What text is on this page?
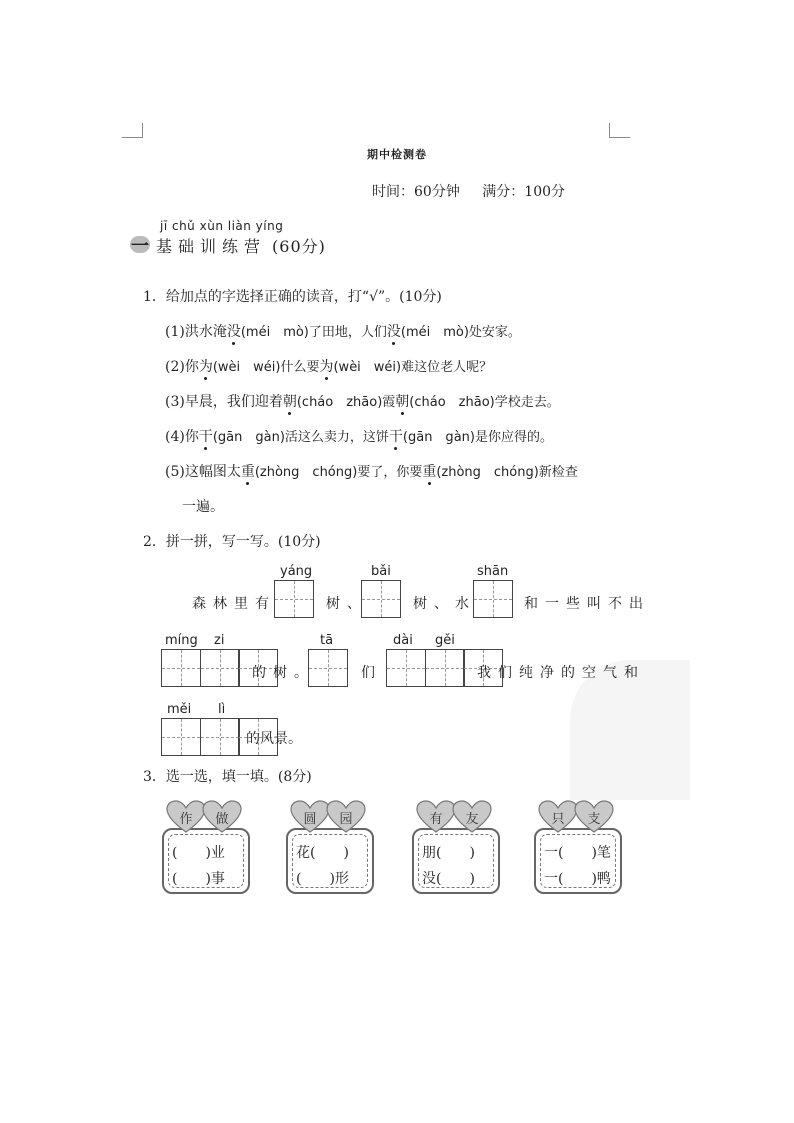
期中检测卷
时间：60分钟 满分：100分
一
jī chǔ xùn liàn yíng
基础训练营 (60分)
1．给加点的字选择正确的读音，打“√”。(10分)
(1)洪水淹没(méi　mò)了田地，人们没(méi　mò)处安家。
(2)你为(wèi　wéi)什么要为(wèi　wéi)难这位老人呢？
(3)早晨，我们迎着朝(cháo　zhāo)霞朝(cháo　zhāo)学校走去。
(4)你干(gān　gàn)活这么卖力，这饼干(gān　gàn)是你应得的。
(5)这幅图太重(zhòng　chóng)要了，你要重(zhòng　chóng)新检查
一遍。
2．拼一拼，写一写。(10分)
森林里有
yáng
树、
bǎi
树、水
shān
和一些叫不出
míng zi
的树。
tā
们
dài gěi
我们纯净的空气和
měi lì
的风景。
3．选一选，填一填。(8分)
(　　)业
(　　)事
作	做
花(　　)
(　　)形
圆	园
朋(　　)
没(　　)
有	友
一(　　)笔
一(　　)鸭
只	支
